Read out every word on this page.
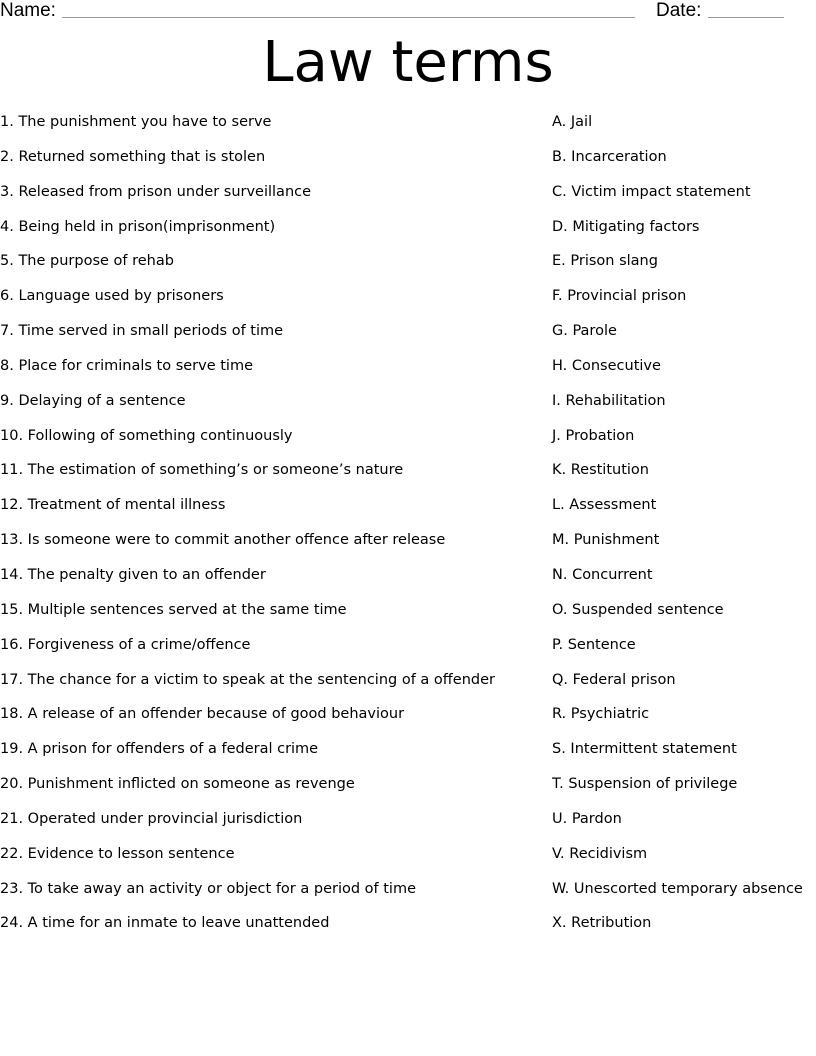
Name:	Date:
Law terms
1. The punishment you have to serve
2. Returned something that is stolen
3. Released from prison under surveillance
4. Being held in prison(imprisonment)
5. The purpose of rehab
6. Language used by prisoners
7. Time served in small periods of time
8. Place for criminals to serve time
9. Delaying of a sentence
10. Following of something continuously
11. The estimation of something’s or someone’s nature
12. Treatment of mental illness
13. Is someone were to commit another offence after release
14. The penalty given to an offender
15. Multiple sentences served at the same time
16. Forgiveness of a crime/offence
17. The chance for a victim to speak at the sentencing of a offender
18. A release of an offender because of good behaviour
19. A prison for offenders of a federal crime
20. Punishment inflicted on someone as revenge
21. Operated under provincial jurisdiction
22. Evidence to lesson sentence
23. To take away an activity or object for a period of time
24. A time for an inmate to leave unattended
A. Jail
B. Incarceration
C. Victim impact statement
D. Mitigating factors
E. Prison slang
F. Provincial prison
G. Parole
H. Consecutive
I. Rehabilitation
J. Probation
K. Restitution
L. Assessment
M. Punishment
N. Concurrent
O. Suspended sentence
P. Sentence
Q. Federal prison
R. Psychiatric
S. Intermittent statement
T. Suspension of privilege
U. Pardon
V. Recidivism
W. Unescorted temporary absence
X. Retribution
